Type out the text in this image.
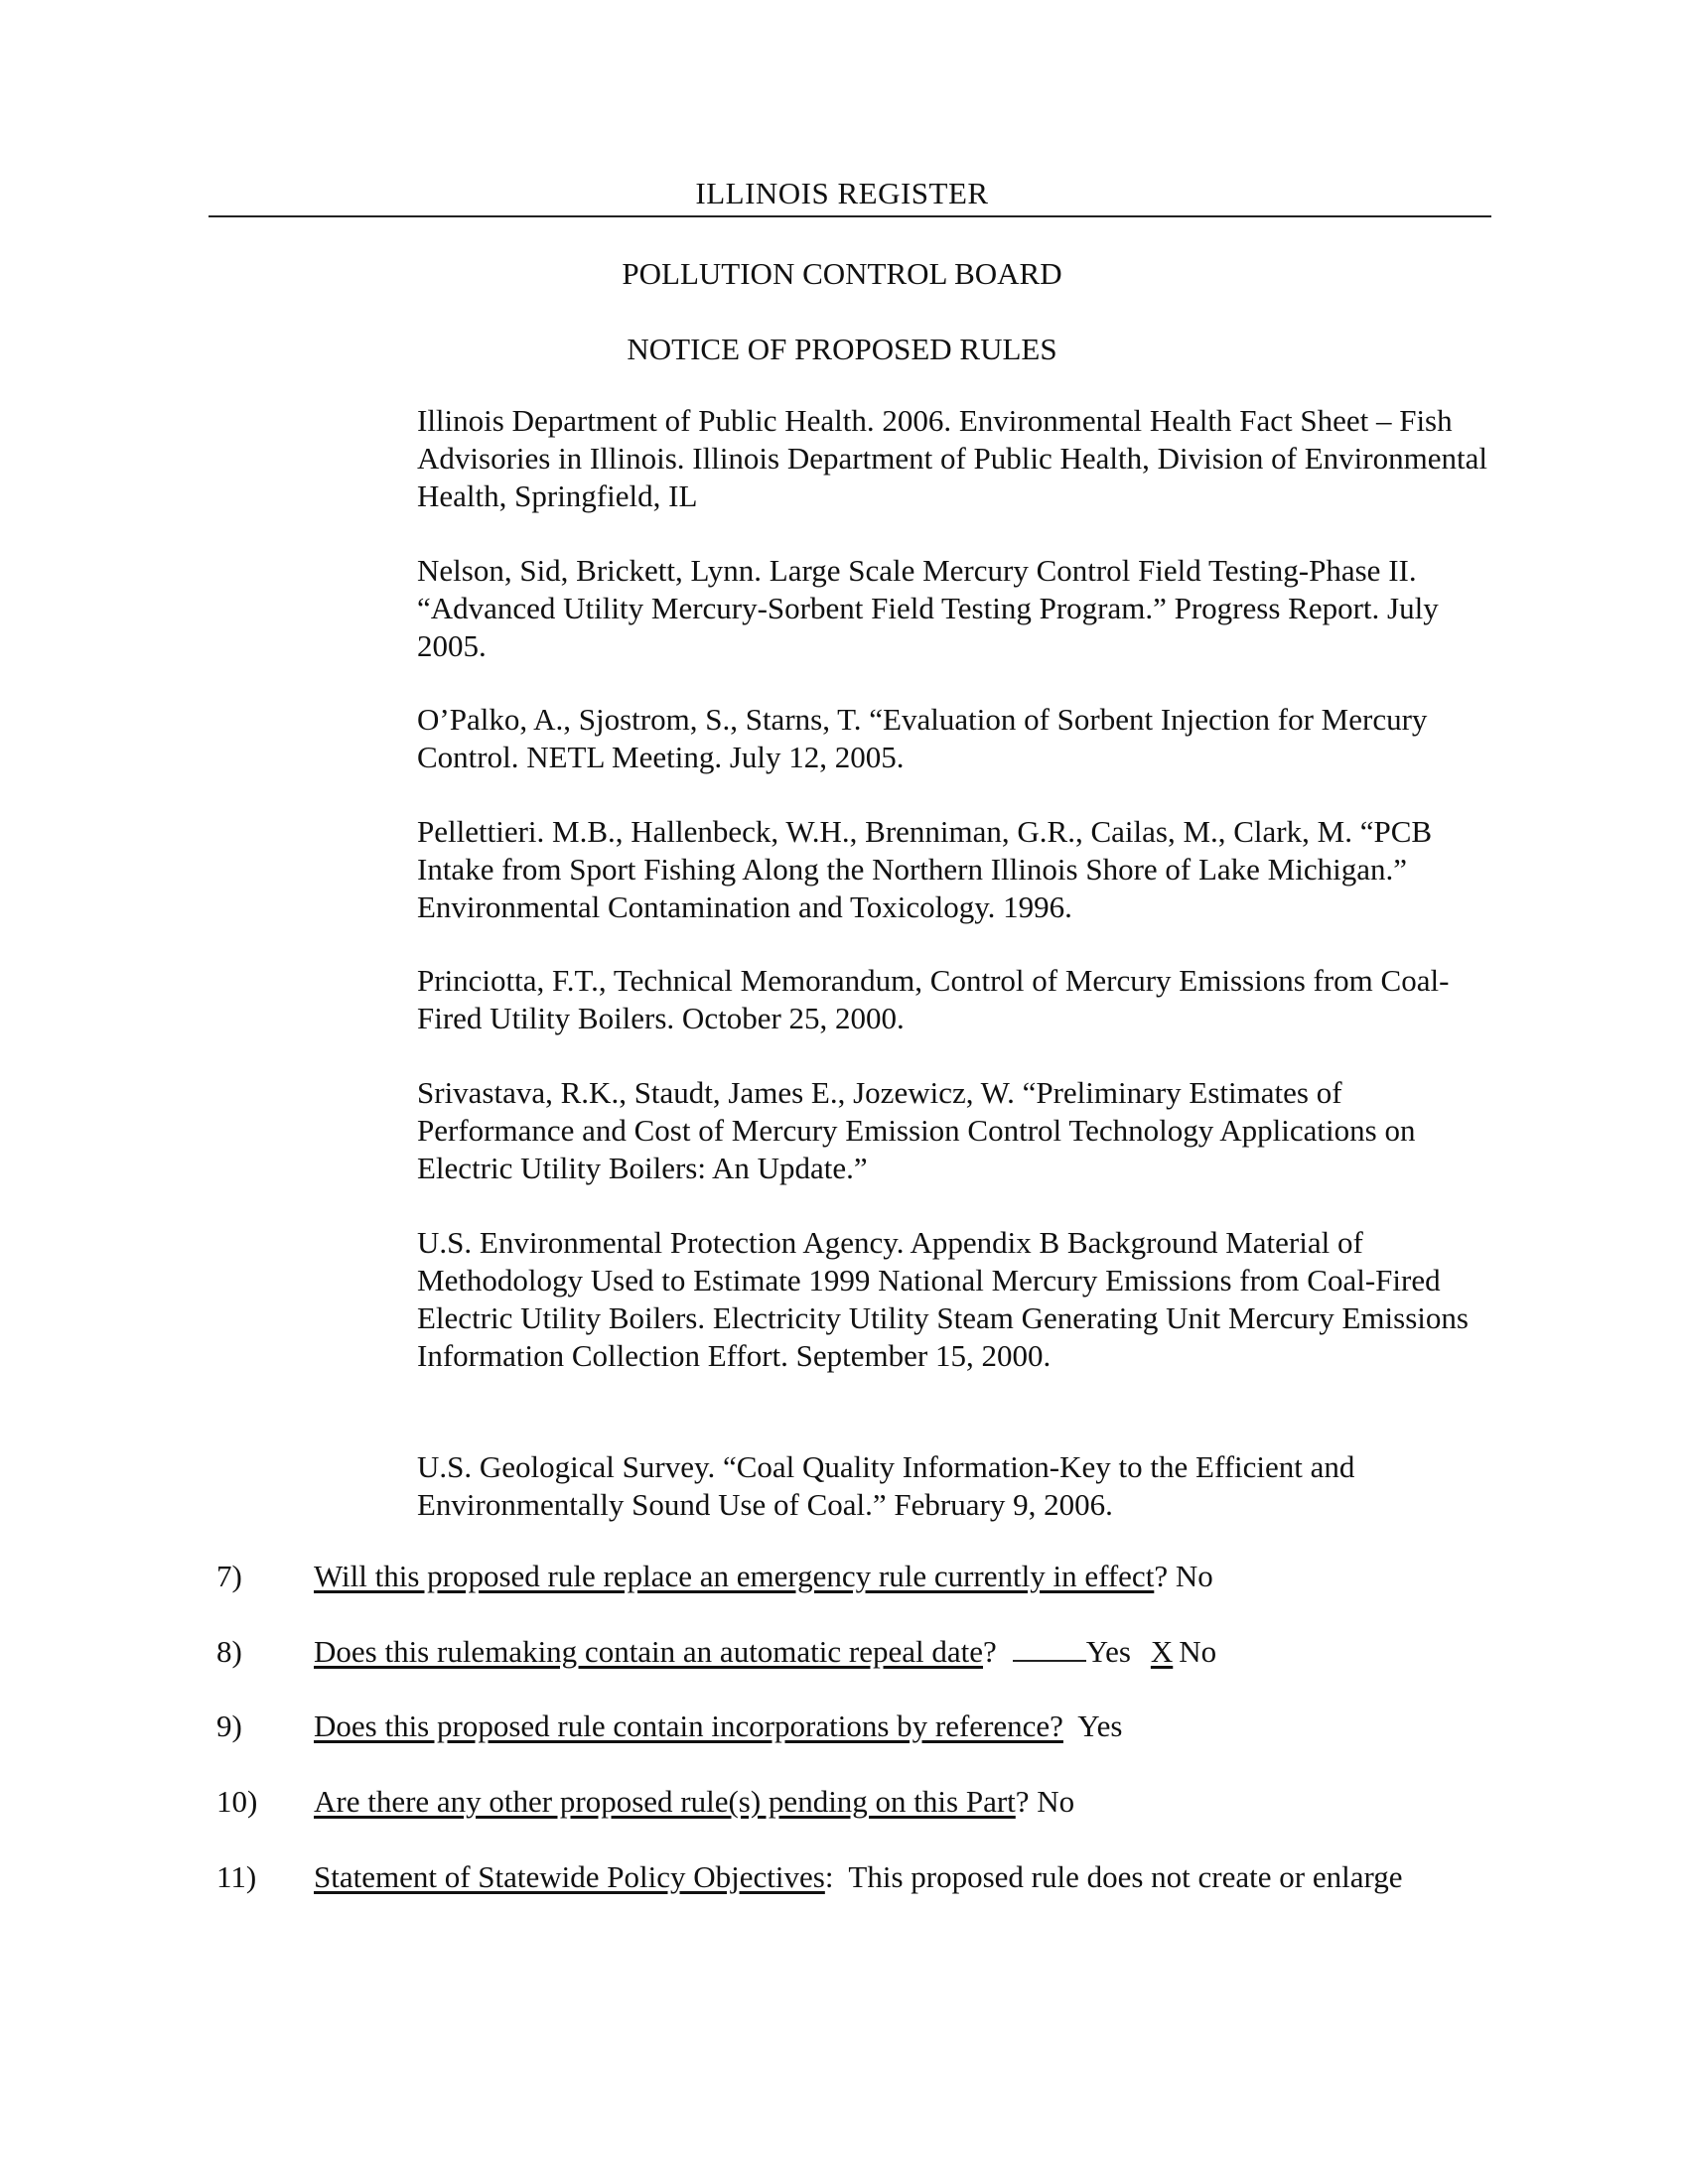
ILLINOIS REGISTER
POLLUTION CONTROL BOARD
NOTICE OF PROPOSED RULES

Illinois Department of Public Health. 2006. Environmental Health Fact Sheet – Fish Advisories in Illinois. Illinois Department of Public Health, Division of Environmental Health, Springfield, IL

Nelson, Sid, Brickett, Lynn. Large Scale Mercury Control Field Testing-Phase II. “Advanced Utility Mercury-Sorbent Field Testing Program.” Progress Report. July 2005.

O’Palko, A., Sjostrom, S., Starns, T. “Evaluation of Sorbent Injection for Mercury Control. NETL Meeting. July 12, 2005.

Pellettieri. M.B., Hallenbeck, W.H., Brenniman, G.R., Cailas, M., Clark, M. “PCB Intake from Sport Fishing Along the Northern Illinois Shore of Lake Michigan.” Environmental Contamination and Toxicology. 1996.

Princiotta, F.T., Technical Memorandum, Control of Mercury Emissions from Coal-Fired Utility Boilers. October 25, 2000.

Srivastava, R.K., Staudt, James E., Jozewicz, W. “Preliminary Estimates of Performance and Cost of Mercury Emission Control Technology Applications on Electric Utility Boilers: An Update.”

U.S. Environmental Protection Agency. Appendix B Background Material of Methodology Used to Estimate 1999 National Mercury Emissions from Coal-Fired Electric Utility Boilers. Electricity Utility Steam Generating Unit Mercury Emissions Information Collection Effort. September 15, 2000.

U.S. Geological Survey. “Coal Quality Information-Key to the Efficient and Environmentally Sound Use of Coal.” February 9, 2006.

7) Will this proposed rule replace an emergency rule currently in effect? No
8) Does this rulemaking contain an automatic repeal date?	Yes X No
9) Does this proposed rule contain incorporations by reference?  Yes
10) Are there any other proposed rule(s) pending on this Part? No
11) Statement of Statewide Policy Objectives:  This proposed rule does not create or enlarge
